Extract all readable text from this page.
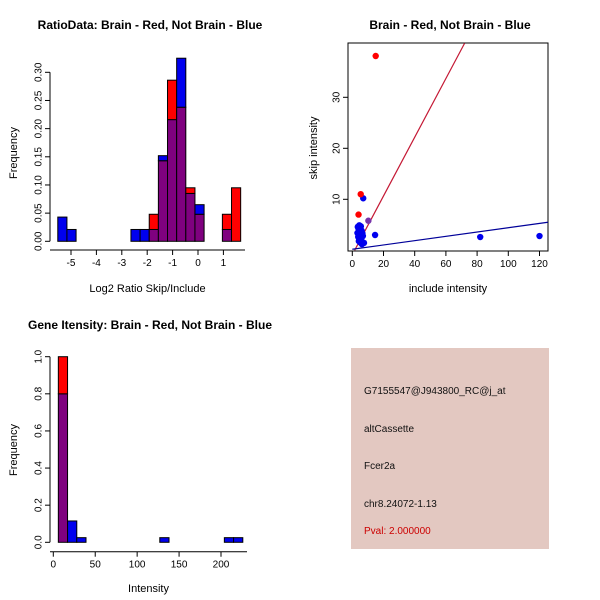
RatioData: Brain - Red, Not Brain - Blue
Frequency
Log2 Ratio Skip/Include
0.00
0.05
0.10
0.15
0.20
0.25
0.30
-5 -4 -3 -2 -1 0 1
Brain - Red, Not Brain - Blue
skip intensity
include intensity
0 20 40 60 80 100 120
10
20
30
Gene Itensity: Brain - Red, Not Brain - Blue
Frequency
Intensity
0.0
0.2
0.4
0.6
0.8
1.0
0	50	100	150	200
G7155547@J943800_RC@j_at
altCassette
Fcer2a
chr8.24072-1.13
Pval: 2.000000
